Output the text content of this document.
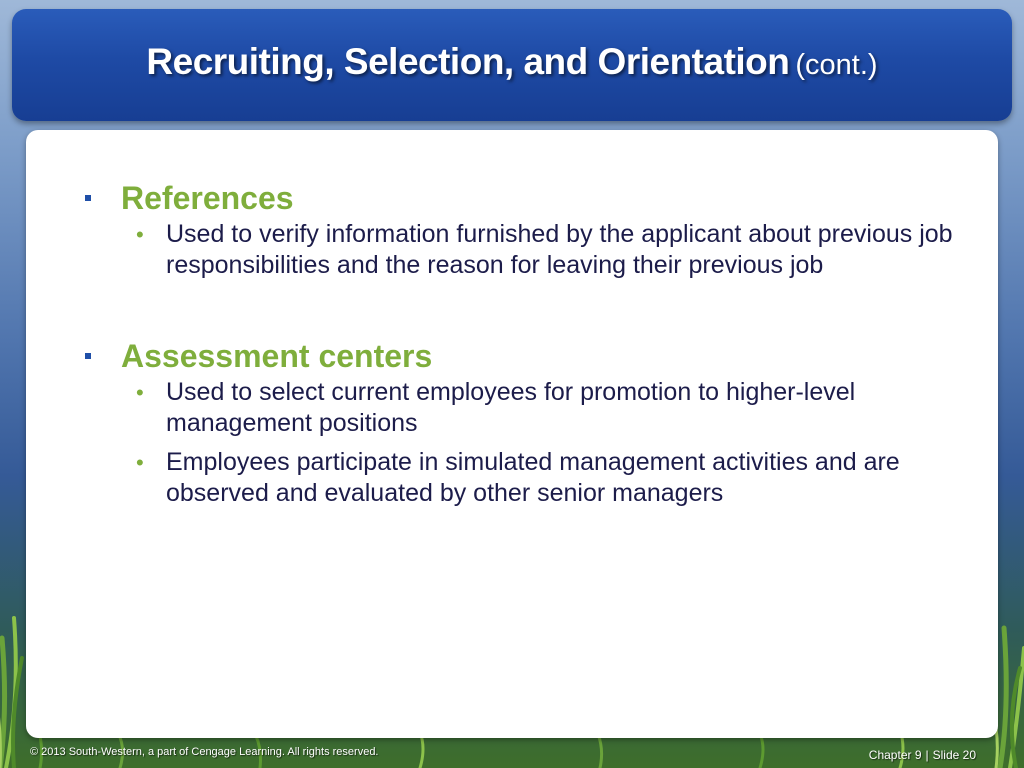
Recruiting, Selection, and Orientation (cont.)
References
• Used to verify information furnished by the applicant about previous job responsibilities and the reason for leaving their previous job
Assessment centers
• Used to select current employees for promotion to higher-level management positions
• Employees participate in simulated management activities and are observed and evaluated by other senior managers
© 2013 South-Western, a part of Cengage Learning. All rights reserved.	Chapter 9 | Slide 20
